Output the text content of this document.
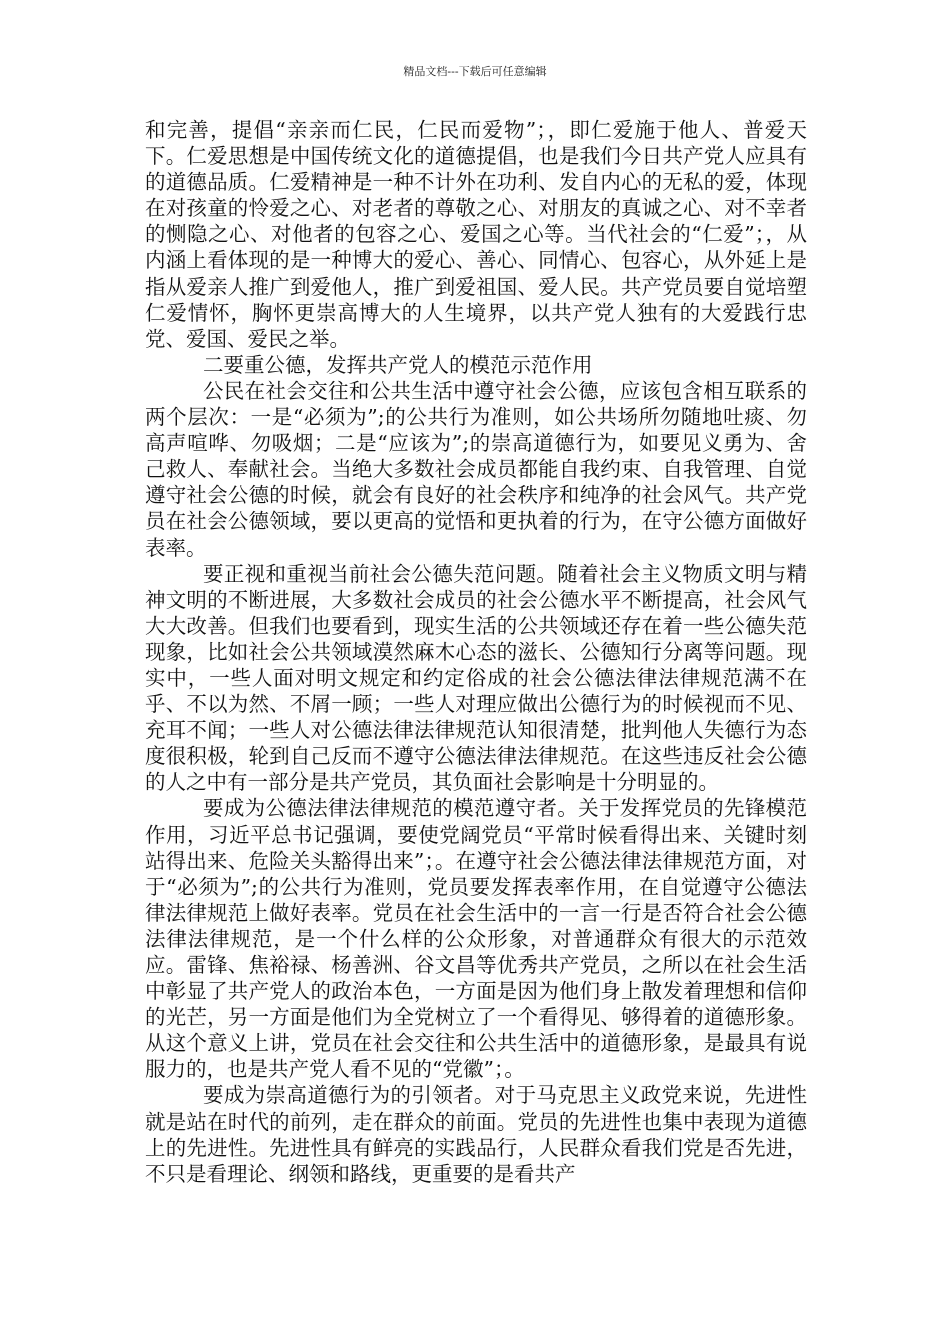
精品文档---下载后可任意编辑

和完善，提倡“亲亲而仁民，仁民而爱物”；，即仁爱施于他人、普爱天下。仁爱思想是中国传统文化的道德提倡，也是我们今日共产党人应具有的道德品质。仁爱精神是一种不计外在功利、发自内心的无私的爱，体现在对孩童的怜爱之心、对老者的尊敬之心、对朋友的真诚之心、对不幸者的恻隐之心、对他者的包容之心、爱国之心等。当代社会的“仁爱”；，从内涵上看体现的是一种博大的爱心、善心、同情心、包容心，从外延上是指从爱亲人推广到爱他人，推广到爱祖国、爱人民。共产党员要自觉培塑仁爱情怀，胸怀更崇高博大的人生境界，以共产党人独有的大爱践行忠党、爱国、爱民之举。

二要重公德，发挥共产党人的模范示范作用

公民在社会交往和公共生活中遵守社会公德，应该包含相互联系的两个层次：一是“必须为”;的公共行为准则，如公共场所勿随地吐痰、勿高声喧哗、勿吸烟；二是“应该为”;的崇高道德行为，如要见义勇为、舍己救人、奉献社会。当绝大多数社会成员都能自我约束、自我管理、自觉遵守社会公德的时候，就会有良好的社会秩序和纯净的社会风气。共产党员在社会公德领域，要以更高的觉悟和更执着的行为，在守公德方面做好表率。

要正视和重视当前社会公德失范问题。随着社会主义物质文明与精神文明的不断进展，大多数社会成员的社会公德水平不断提高，社会风气大大改善。但我们也要看到，现实生活的公共领域还存在着一些公德失范现象，比如社会公共领域漠然麻木心态的滋长、公德知行分离等问题。现实中，一些人面对明文规定和约定俗成的社会公德法律法律规范满不在乎、不以为然、不屑一顾；一些人对理应做出公德行为的时候视而不见、充耳不闻；一些人对公德法律法律规范认知很清楚，批判他人失德行为态度很积极，轮到自己反而不遵守公德法律法律规范。在这些违反社会公德的人之中有一部分是共产党员，其负面社会影响是十分明显的。

要成为公德法律法律规范的模范遵守者。关于发挥党员的先锋模范作用，习近平总书记强调，要使党阔党员“平常时候看得出来、关键时刻站得出来、危险关头豁得出来”；。在遵守社会公德法律法律规范方面，对于“必须为”;的公共行为准则，党员要发挥表率作用，在自觉遵守公德法律法律规范上做好表率。党员在社会生活中的一言一行是否符合社会公德法律法律规范，是一个什么样的公众形象，对普通群众有很大的示范效应。雷锋、焦裕禄、杨善洲、谷文昌等优秀共产党员，之所以在社会生活中彰显了共产党人的政治本色，一方面是因为他们身上散发着理想和信仰的光芒，另一方面是他们为全党树立了一个看得见、够得着的道德形象。从这个意义上讲，党员在社会交往和公共生活中的道德形象，是最具有说服力的，也是共产党人看不见的“党徽”；。

要成为崇高道德行为的引领者。对于马克思主义政党来说，先进性就是站在时代的前列，走在群众的前面。党员的先进性也集中表现为道德上的先进性。先进性具有鲜亮的实践品行，人民群众看我们党是否先进，不只是看理论、纲领和路线，更重要的是看共产
